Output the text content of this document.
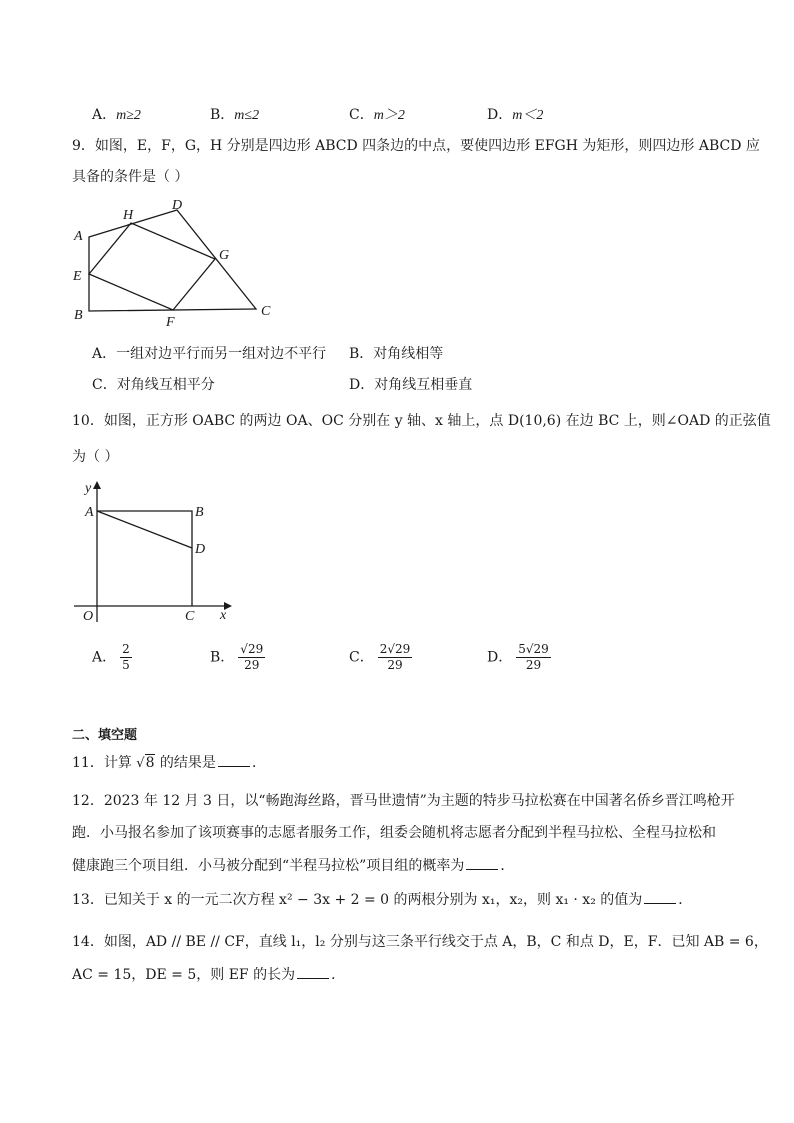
A．m≥2	B．m≤2	C．m＞2	D．m＜2
9．如图，E，F，G，H 分别是四边形 ABCD 四条边的中点，要使四边形 EFGH 为矩形，则四边形 ABCD 应
具备的条件是（ ）
A
H
D
E
G
B	F
C
A．一组对边平行而另一组对边不平行 B．对角线相等
C．对角线互相平分	D．对角线互相垂直
10．如图，正方形 OABC 的两边 OA、OC 分别在 y 轴、x 轴上，点 D(10,6) 在边 BC 上，则∠OAD 的正弦值
为（ ）
y
A	B
D
O	C x
A． $\frac{2}{5}$	B． $\frac{√29}{29}$	C． $\frac{2√29}{29}$	D． $\frac{5√29}{29}$
二、填空题
11．计算 √8 的结果是	．
12．2023 年 12 月 3 日，以“畅跑海丝路，晋马世遗情”为主题的特步马拉松赛在中国著名侨乡晋江鸣枪开
跑．小马报名参加了该项赛事的志愿者服务工作，组委会随机将志愿者分配到半程马拉松、全程马拉松和
健康跑三个项目组．小马被分配到“半程马拉松”项目组的概率为	．
13．已知关于 x 的一元二次方程 x² − 3x + 2 = 0 的两根分别为 x₁，x₂，则 x₁ · x₂ 的值为	．
14．如图，AD // BE // CF，直线 l₁，l₂ 分别与这三条平行线交于点 A，B，C 和点 D，E，F．已知 AB = 6，
AC = 15，DE = 5，则 EF 的长为	．
